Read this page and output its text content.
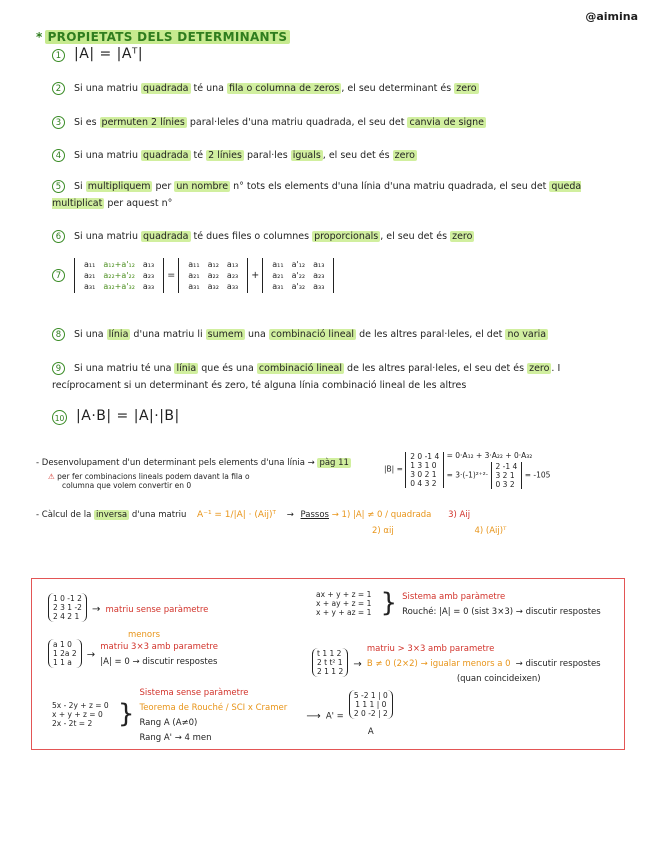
@aimina
* PROPIETATS DELS DETERMINANTS
1 |A| = |Aᵀ|
2 Si una matriu quadrada té una fila o columna de zeros , el seu determinant és zero
3 Si es permuten 2 línies paral·leles d'una matriu quadrada, el seu det canvia de signe
4 Si una matriu quadrada té 2 línies paral·les iguals , el seu det és zero
5 Si multipliquem per un nombre n° tots els elements d'una línia d'una matriu quadrada, el seu det queda multiplicat per aquest n°
6 Si una matriu quadrada té dues files o columnes proporcionals , el seu det és zero
7
a₁₁	a₁₂+a'₁₂	a₁₃
a₂₁	a₂₂+a'₂₂	a₂₃
a₃₁	a₃₂+a'₃₂	a₃₃
=
a₁₁	a₁₂	a₁₃
a₂₁	a₂₂	a₂₃
a₃₁	a₃₂	a₃₃
+
a₁₁	a'₁₂	a₁₃
a₂₁	a'₂₂	a₂₃
a₃₁	a'₃₂	a₃₃
8 Si una línia d'una matriu li sumem una combinació lineal de les altres paral·leles, el det no varia
9 Si una matriu té una línia que és una combinació lineal de les altres paral·leles, el seu det és zero . I recíprocament si un determinant és zero, té alguna línia combinació lineal de les altres
10 |A·B| = |A|·|B|
- Desenvolupament d'un determinant pels elements d'una línia → pàg 11
⚠ per fer combinacions lineals podem davant la fila o
columna que volem convertir en 0
|B| =
2 0 -1 4
1 3 1 0
3 0 2 1
0 4 3 2
= 0·A₁₂ + 3·A₂₂ + 0·A₃₂
= 3·(-1)²⁺²·
2 -1 4
3 2 1
0 3 2
= -105
- Càlcul de la inversa d'una matriu A⁻¹ = 1/|A| · (Aij)ᵀ → Passos → 1) |A| ≠ 0 / quadrada 3) Aij
2) αij	4) (Aij)ᵀ
1 0 -1 2
2 3 1 -2
2 4 2 1
→ matriu sense paràmetre
menors
ax + y + z = 1
x + ay + z = 1
x + y + az = 1 } Sistema amb paràmetre
Rouché: |A| = 0 (sist 3×3) → discutir respostes
a 1 0
1 2a 2
1 1 a
→ matriu 3×3 amb parametre
|A| = 0 → discutir respostes
t 1 1 2
2 t t² 1
2 1 1 2
→ matriu > 3×3 amb parametre
B ≠ 0 (2×2) → igualar menors a 0 → discutir respostes
(quan coincideixen)
5x - 2y + z = 0
x + y + z = 0
2x - 2t = 2 } Sistema sense paràmetre
Teorema de Rouché / SCI x Cramer
Rang A (A≠0)
Rang A' → 4 men ⟶ A' =
5 -2 1 | 0
1 1 1 | 0
2 0 -2 | 2

A
